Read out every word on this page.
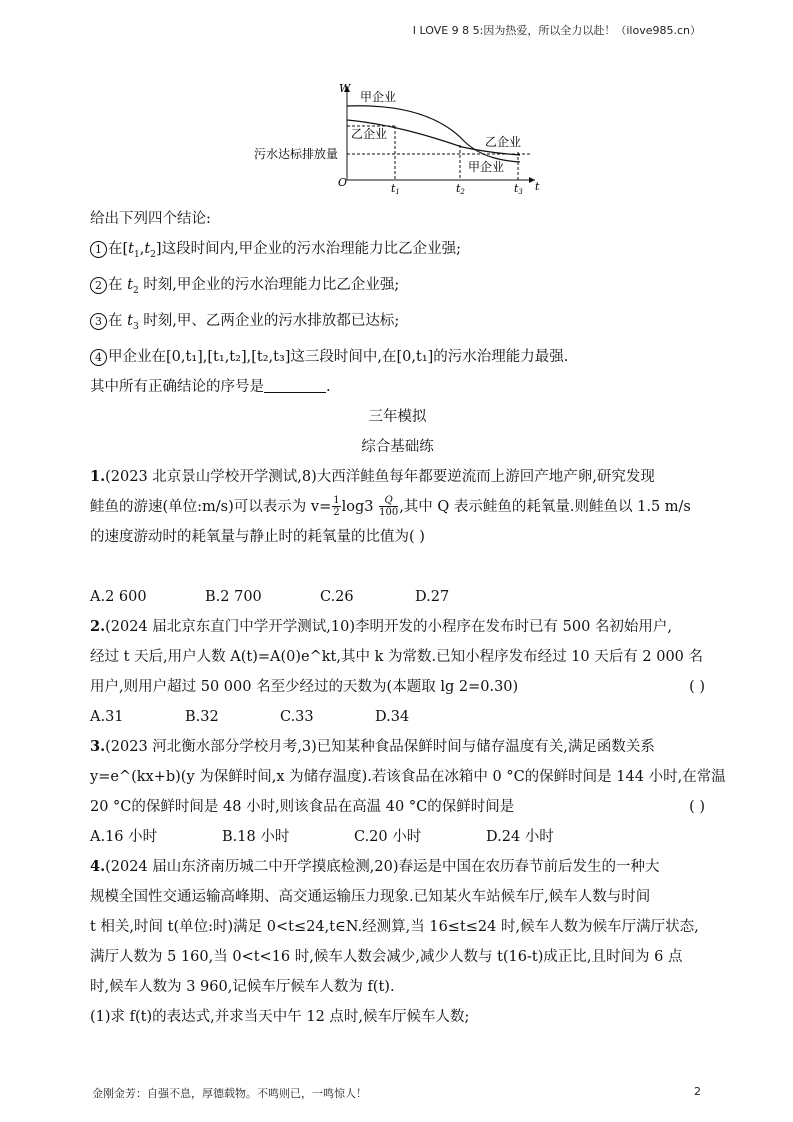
I LOVE 9 8 5:因为热爱，所以全力以赴！（ilove985.cn）
W
O	t
甲企业
乙企业
乙企业
甲企业
污水达标排放量
t1	t2	t3
给出下列四个结论:
1 在$[t_1,t_2]$这段时间内,甲企业的污水治理能力比乙企业强;
2 在 $t_2$ 时刻,甲企业的污水治理能力比乙企业强;
3 在 $t_3$ 时刻,甲、乙两企业的污水排放都已达标;
4 甲企业在[0,t₁],[t₁,t₂],[t₂,t₃]这三段时间中,在[0,t₁]的污水治理能力最强.
其中所有正确结论的序号是	.
三年模拟
综合基础练
1.(2023 北京景山学校开学测试,8)大西洋鲑鱼每年都要逆流而上游回产地产卵,研究发现
鲑鱼的游速(单位:m/s)可以表示为 $v= \frac{1}{2} \log 3 \frac{Q}{100}$ ,其中 Q 表示鲑鱼的耗氧量.则鲑鱼以 1.5 m/s
的速度游动时的耗氧量与静止时的耗氧量的比值为( )
A.2 600	B.2 700	C.26	D.27
2.(2024 届北京东直门中学开学测试,10)李明开发的小程序在发布时已有 500 名初始用户,
经过 t 天后,用户人数 A(t)=A(0)e^kt,其中 k 为常数.已知小程序发布经过 10 天后有 2 000 名
用户,则用户超过 50 000 名至少经过的天数为(本题取 lg 2=0.30)	( )
A.31	B.32	C.33	D.34
3.(2023 河北衡水部分学校月考,3)已知某种食品保鲜时间与储存温度有关,满足函数关系
y=e^(kx+b)(y 为保鲜时间,x 为储存温度).若该食品在冰箱中 0 °C的保鲜时间是 144 小时,在常温
20 °C的保鲜时间是 48 小时,则该食品在高温 40 °C的保鲜时间是	( )
A.16 小时	B.18 小时	C.20 小时	D.24 小时
4.(2024 届山东济南历城二中开学摸底检测,20)春运是中国在农历春节前后发生的一种大
规模全国性交通运输高峰期、高交通运输压力现象.已知某火车站候车厅,候车人数与时间
t 相关,时间 t(单位:时)满足 0<t≤24,t∈N.经测算,当 16≤t≤24 时,候车人数为候车厅满厅状态,
满厅人数为 5 160,当 0<t<16 时,候车人数会减少,减少人数与 t(16-t)成正比,且时间为 6 点
时,候车人数为 3 960,记候车厅候车人数为 f(t).
(1)求 f(t)的表达式,并求当天中午 12 点时,候车厅候车人数;
金刚金芳：自强不息，厚德载物。不鸣则已，一鸣惊人！	2
